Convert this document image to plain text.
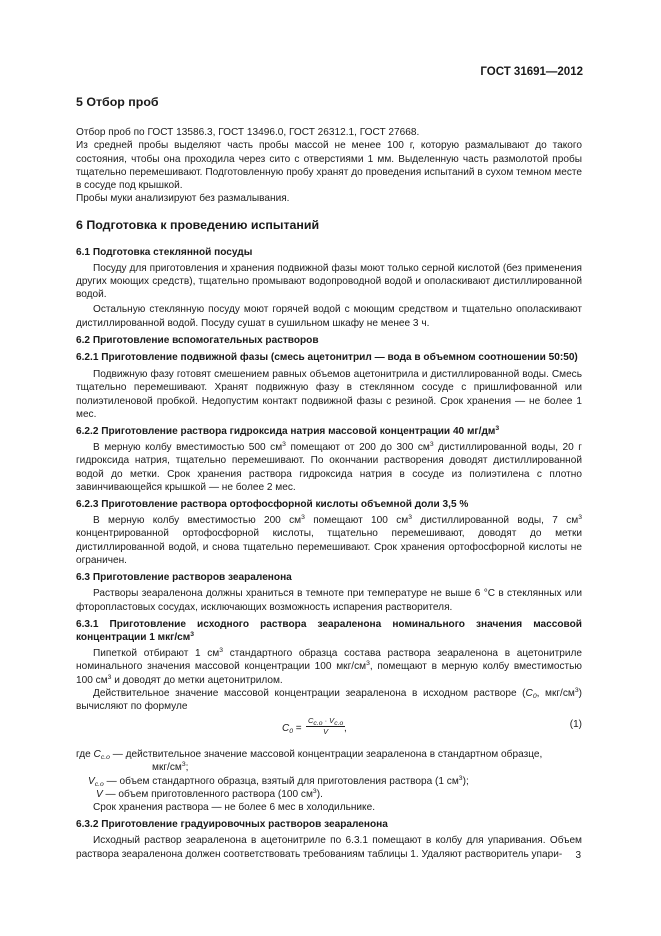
ГОСТ 31691—2012

5 Отбор проб

Отбор проб по ГОСТ 13586.3, ГОСТ 13496.0, ГОСТ 26312.1, ГОСТ 27668.

Из средней пробы выделяют часть пробы массой не менее 100 г, которую размалывают до такого состояния, чтобы она проходила через сито с отверстиями 1 мм. Выделенную часть размолотой пробы тщательно перемешивают. Подготовленную пробу хранят до проведения испытаний в сухом темном месте в сосуде под крышкой.

Пробы муки анализируют без размалывания.

6 Подготовка к проведению испытаний

6.1 Подготовка стеклянной посуды

Посуду для приготовления и хранения подвижной фазы моют только серной кислотой (без применения других моющих средств), тщательно промывают водопроводной водой и ополаскивают дистиллированной водой.

Остальную стеклянную посуду моют горячей водой с моющим средством и тщательно ополаскивают дистиллированной водой. Посуду сушат в сушильном шкафу не менее 3 ч.

6.2 Приготовление вспомогательных растворов

6.2.1 Приготовление подвижной фазы (смесь ацетонитрил — вода в объемном соотношении 50:50)

Подвижную фазу готовят смешением равных объемов ацетонитрила и дистиллированной воды. Смесь тщательно перемешивают. Хранят подвижную фазу в стеклянном сосуде с пришлифованной или полиэтиленовой пробкой. Недопустим контакт подвижной фазы с резиной. Срок хранения — не более 1 мес.

6.2.2 Приготовление раствора гидроксида натрия массовой концентрации 40 $мг/дм^3$

В мерную колбу вместимостью 500 $см^3$ помещают от 200 до 300 $см^3$ дистиллированной воды, 20 г гидроксида натрия, тщательно перемешивают. По окончании растворения доводят дистиллированной водой до метки. Срок хранения раствора гидроксида натрия в сосуде из полиэтилена с плотно завинчивающейся крышкой — не более 2 мес.

6.2.3 Приготовление раствора ортофосфорной кислоты объемной доли 3,5 %

В мерную колбу вместимостью 200 $см^3$ помещают 100 $см^3$ дистиллированной воды, 7 $см^3$ концентрированной ортофосфорной кислоты, тщательно перемешивают, доводят до метки дистиллированной водой, и снова тщательно перемешивают. Срок хранения ортофосфорной кислоты не ограничен.

6.3 Приготовление растворов зеараленона

Растворы зеараленона должны храниться в темноте при температуре не выше 6 °С в стеклянных или фторопластовых сосудах, исключающих возможность испарения растворителя.

6.3.1 Приготовление исходного раствора зеараленона номинального значения массовой концентрации 1 мкг/$см^3$

Пипеткой отбирают 1 $см^3$ стандартного образца состава раствора зеараленона в ацетонитриле номинального значения массовой концентрации 100 мкг/$см^3$, помещают в мерную колбу вместимостью 100 $см^3$ и доводят до метки ацетонитрилом.

Действительное значение массовой концентрации зеараленона в исходном растворе ($C_0$, мкг/$см^3$) вычисляют по формуле

$C_0$ =
$C_{с.о} \cdot V_{с.о}$
V	,	(1)
где $C_{с.о}$ — действительное значение массовой концентрации зеараленона в стандартном образце,
мкг/$см^3$;
$V_{с.о}$ — объем стандартного образца, взятый для приготовления раствора (1 $см^3$);
V — объем приготовленного раствора (100 $см^3$).

Срок хранения раствора — не более 6 мес в холодильнике.

6.3.2 Приготовление градуировочных растворов зеараленона

Исходный раствор зеараленона в ацетонитриле по 6.3.1 помещают в колбу для упаривания. Объем раствора зеараленона должен соответствовать требованиям таблицы 1. Удаляют растворитель упари-	3
